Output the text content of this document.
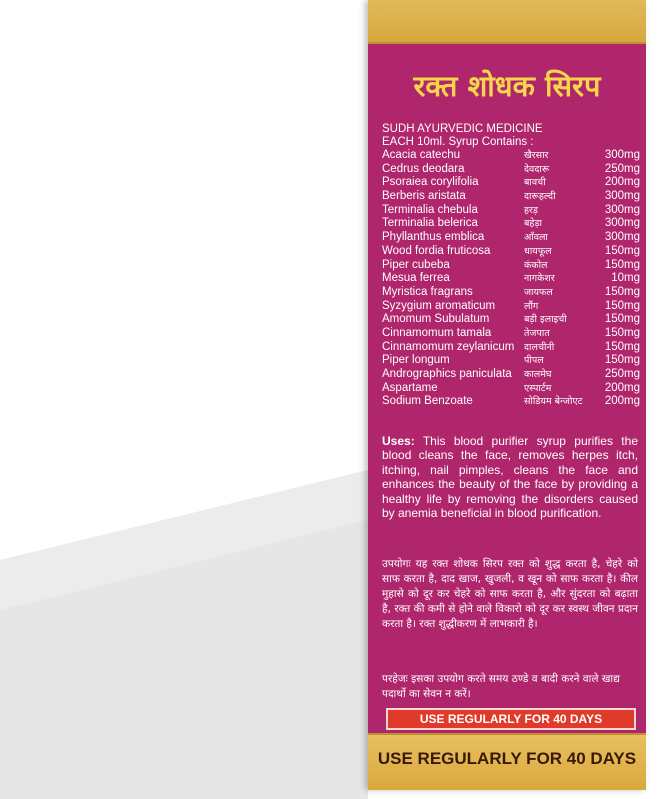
रक्त शोधक सिरप
SUDH AYURVEDIC MEDICINE
EACH 10ml. Syrup Contains :
Acacia catechu	खैरसार	300mg
Cedrus deodara	देवदारू	250mg
Psoraiea corylifolia	बावची	200mg
Berberis aristata	दारूहल्दी	300mg
Terminalia chebula	हरड़	300mg
Terminalia belerica	बहेड़ा	300mg
Phyllanthus emblica	आँवला	300mg
Wood fordia fruticosa	धायफूल	150mg
Piper cubeba	कंकोल	150mg
Mesua ferrea	नागकेशर	10mg
Myristica fragrans	जायफल	150mg
Syzygium aromaticum	लौंग	150mg
Amomum Subulatum	बड़ी इलाइची	150mg
Cinnamomum tamala	तेजपात	150mg
Cinnamomum zeylanicum	दालचीनी	150mg
Piper longum	पीपल	150mg
Andrographics paniculata	कालमेघ	250mg
Aspartame	एस्पार्टम	200mg
Sodium Benzoate	सोडियम बेन्जोएट	200mg
Uses: This blood purifier syrup purifies the blood cleans the face, removes herpes itch, itching, nail pimples, cleans the face and enhances the beauty of the face by providing a healthy life by removing the disorders caused by anemia beneficial in blood purification.
उपयोगः यह रक्त शोधक सिरप रक्त को शुद्ध करता है, चेहरे को साफ करता है, दाद खाज, खुजली, व खून को साफ करता है। कील मुहासे को दूर कर चेहरे को साफ करता है, और सुंदरता को बढ़ाता है, रक्त की कमी से होने वाले विकारो को दूर कर स्वस्थ जीवन प्रदान करता है। रक्त शुद्धीकरण में लाभकारी है।
परहेजः इसका उपयोग करते समय ठण्डे व बादी करने वाले खाद्य पदार्थो का सेवन न करें।
USE REGULARLY FOR 40 DAYS
USE REGULARLY FOR 40 DAYS
